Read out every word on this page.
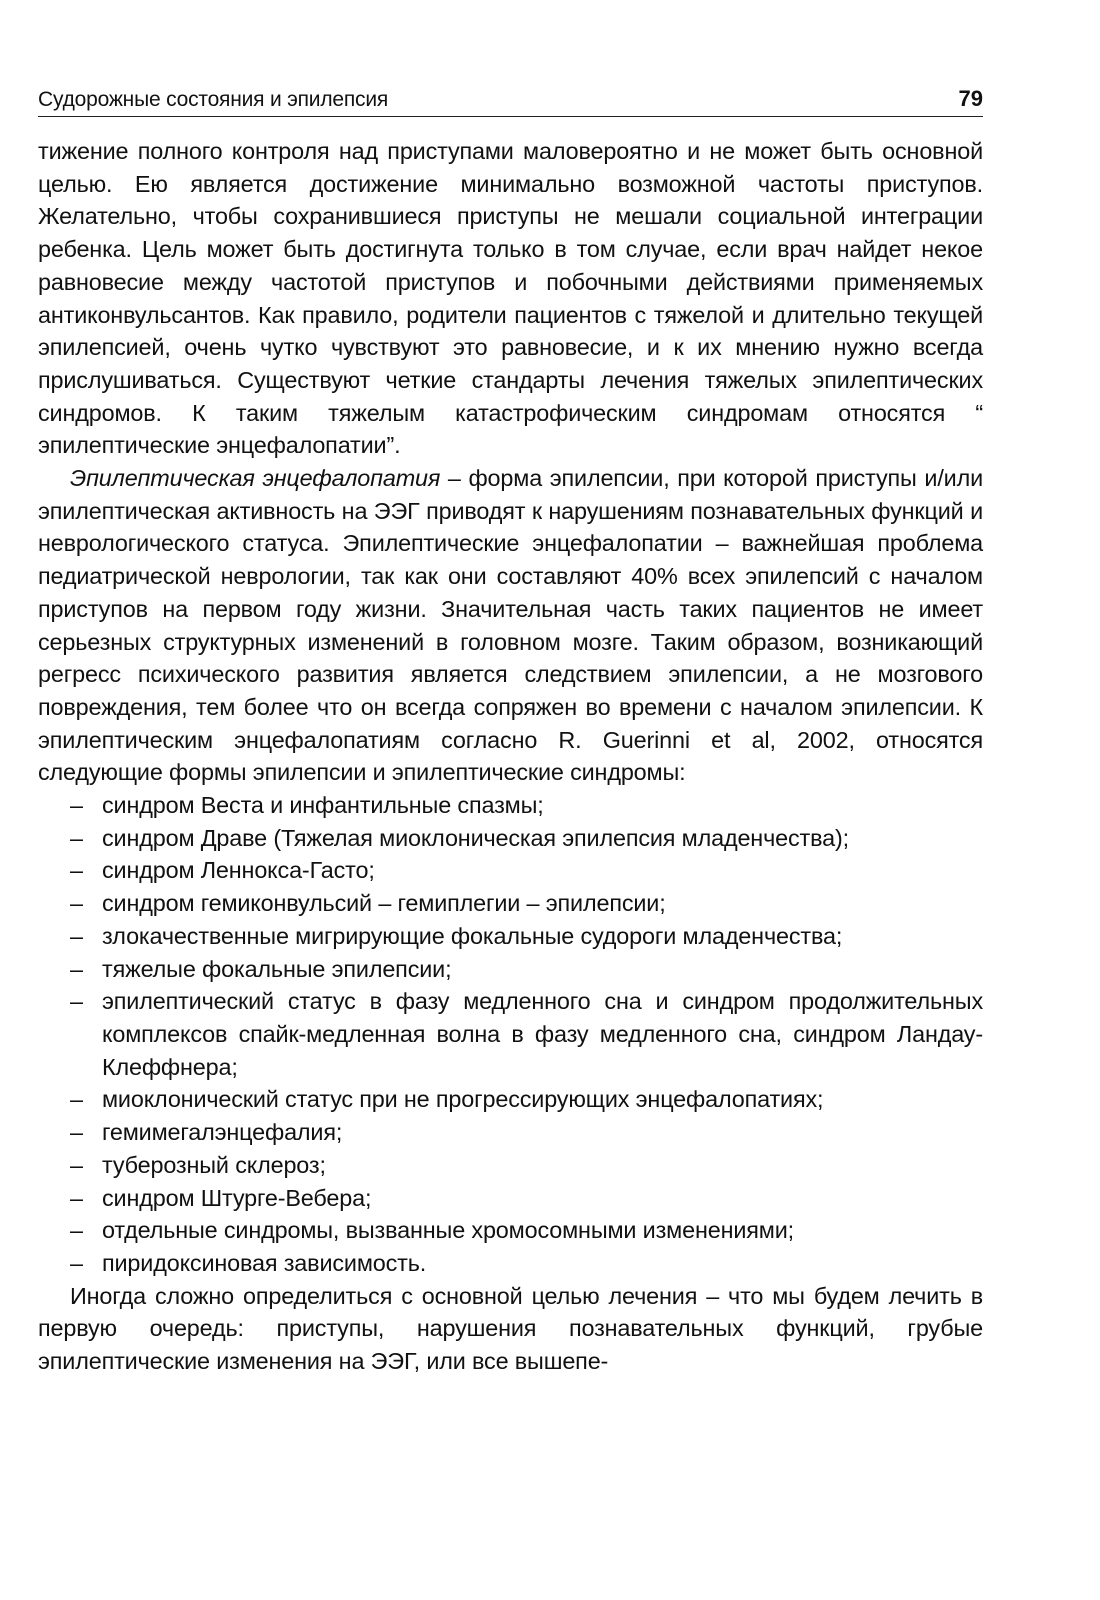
Судорожные состояния и эпилепсия	79

тижение полного контроля над приступами маловероятно и не может быть основной целью. Ею является достижение минимально возможной частоты приступов. Желательно, чтобы сохранившиеся приступы не мешали социальной интеграции ребенка. Цель может быть достигнута только в том случае, если врач найдет некое равновесие между частотой приступов и побочными действиями применяемых антиконвульсантов. Как правило, родители пациентов с тяжелой и длительно текущей эпилепсией, очень чутко чувствуют это равновесие, и к их мнению нужно всегда прислушиваться. Существуют четкие стандарты лечения тяжелых эпилептических синдромов. К таким тяжелым катастрофическим синдромам относятся “ эпилептические энцефалопатии”.

Эпилептическая энцефалопатия – форма эпилепсии, при которой приступы и/или эпилептическая активность на ЭЭГ приводят к нарушениям познавательных функций и неврологического статуса. Эпилептические энцефалопатии – важнейшая проблема педиатрической неврологии, так как они составляют 40% всех эпилепсий с началом приступов на первом году жизни. Значительная часть таких пациентов не имеет серьезных структурных изменений в головном мозге. Таким образом, возникающий регресс психического развития является следствием эпилепсии, а не мозгового повреждения, тем более что он всегда сопряжен во времени с началом эпилепсии. К эпилептическим энцефалопатиям согласно R. Guerinni et al, 2002, относятся следующие формы эпилепсии и эпилептические синдромы:

– синдром Веста и инфантильные спазмы;
– синдром Драве (Тяжелая миоклоническая эпилепсия младенчества);
– синдром Леннокса-Гасто;
– синдром гемиконвульсий – гемиплегии – эпилепсии;
– злокачественные мигрирующие фокальные судороги младенчества;
– тяжелые фокальные эпилепсии;
– эпилептический статус в фазу медленного сна и синдром продолжительных комплексов спайк-медленная волна в фазу медленного сна, синдром Ландау-Клеффнера;
– миоклонический статус при не прогрессирующих энцефалопатиях;
– гемимегалэнцефалия;
– туберозный склероз;
– синдром Штурге-Вебера;
– отдельные синдромы, вызванные хромосомными изменениями;
– пиридоксиновая зависимость.

Иногда сложно определиться с основной целью лечения – что мы будем лечить в первую очередь: приступы, нарушения познавательных функций, грубые эпилептические изменения на ЭЭГ, или все вышепе-
